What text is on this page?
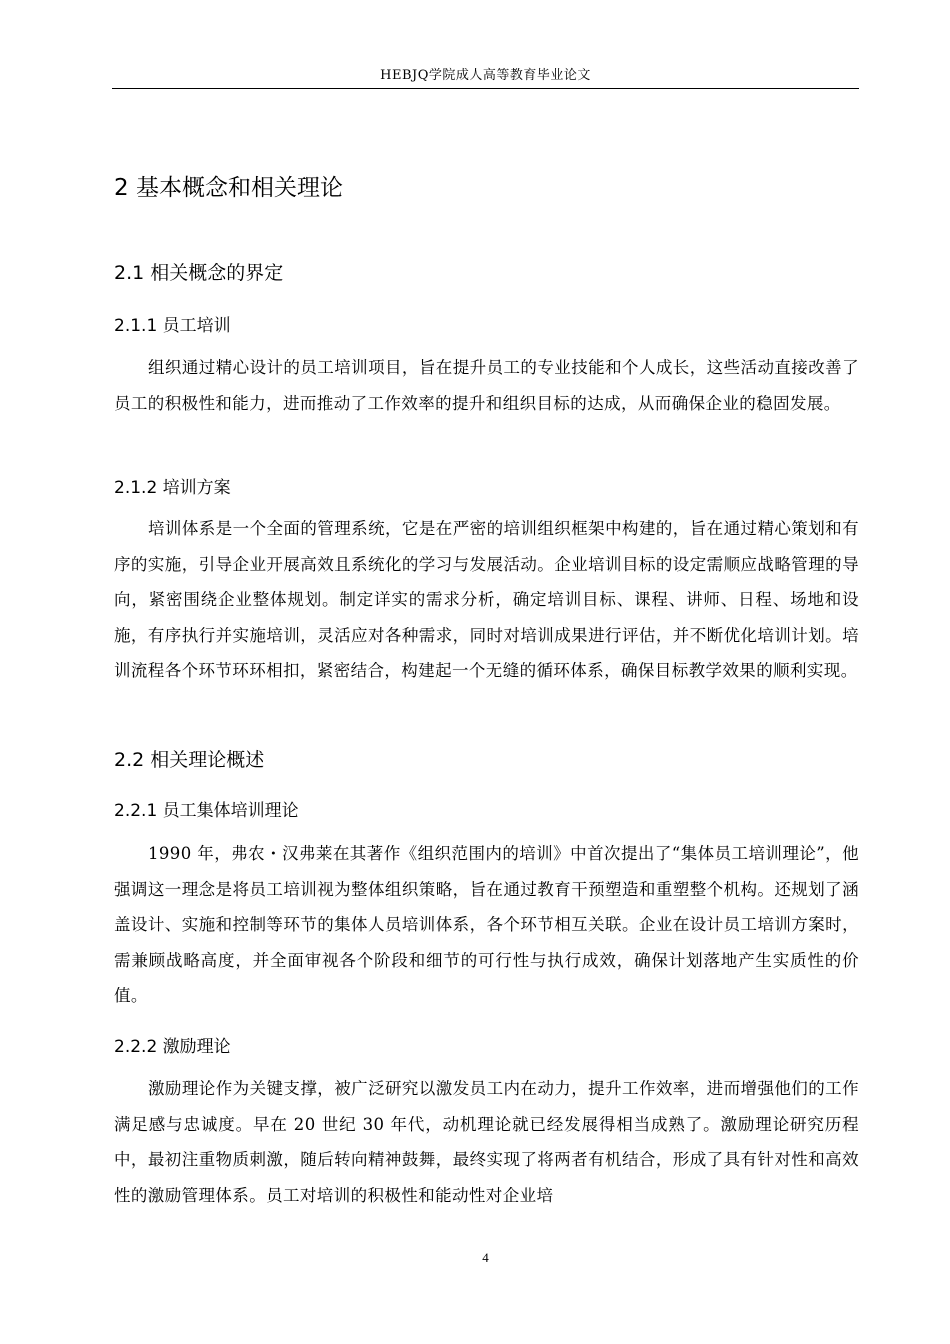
HEBJQ学院成人高等教育毕业论文
2 基本概念和相关理论
2.1 相关概念的界定
2.1.1 员工培训

组织通过精心设计的员工培训项目，旨在提升员工的专业技能和个人成长，这些活动直接改善了员工的积极性和能力，进而推动了工作效率的提升和组织目标的达成，从而确保企业的稳固发展。

2.1.2 培训方案

培训体系是一个全面的管理系统，它是在严密的培训组织框架中构建的，旨在通过精心策划和有序的实施，引导企业开展高效且系统化的学习与发展活动。企业培训目标的设定需顺应战略管理的导向，紧密围绕企业整体规划。制定详实的需求分析，确定培训目标、课程、讲师、日程、场地和设施，有序执行并实施培训，灵活应对各种需求，同时对培训成果进行评估，并不断优化培训计划。培训流程各个环节环环相扣，紧密结合，构建起一个无缝的循环体系，确保目标教学效果的顺利实现。

2.2 相关理论概述
2.2.1 员工集体培训理论

1990 年，弗农・汉弗莱在其著作《组织范围内的培训》中首次提出了“集体员工培训理论”，他强调这一理念是将员工培训视为整体组织策略，旨在通过教育干预塑造和重塑整个机构。还规划了涵盖设计、实施和控制等环节的集体人员培训体系，各个环节相互关联。企业在设计员工培训方案时，需兼顾战略高度，并全面审视各个阶段和细节的可行性与执行成效，确保计划落地产生实质性的价值。

2.2.2 激励理论

激励理论作为关键支撑，被广泛研究以激发员工内在动力，提升工作效率，进而增强他们的工作满足感与忠诚度。早在 20 世纪 30 年代，动机理论就已经发展得相当成熟了。激励理论研究历程中，最初注重物质刺激，随后转向精神鼓舞，最终实现了将两者有机结合，形成了具有针对性和高效性的激励管理体系。员工对培训的积极性和能动性对企业培

4
